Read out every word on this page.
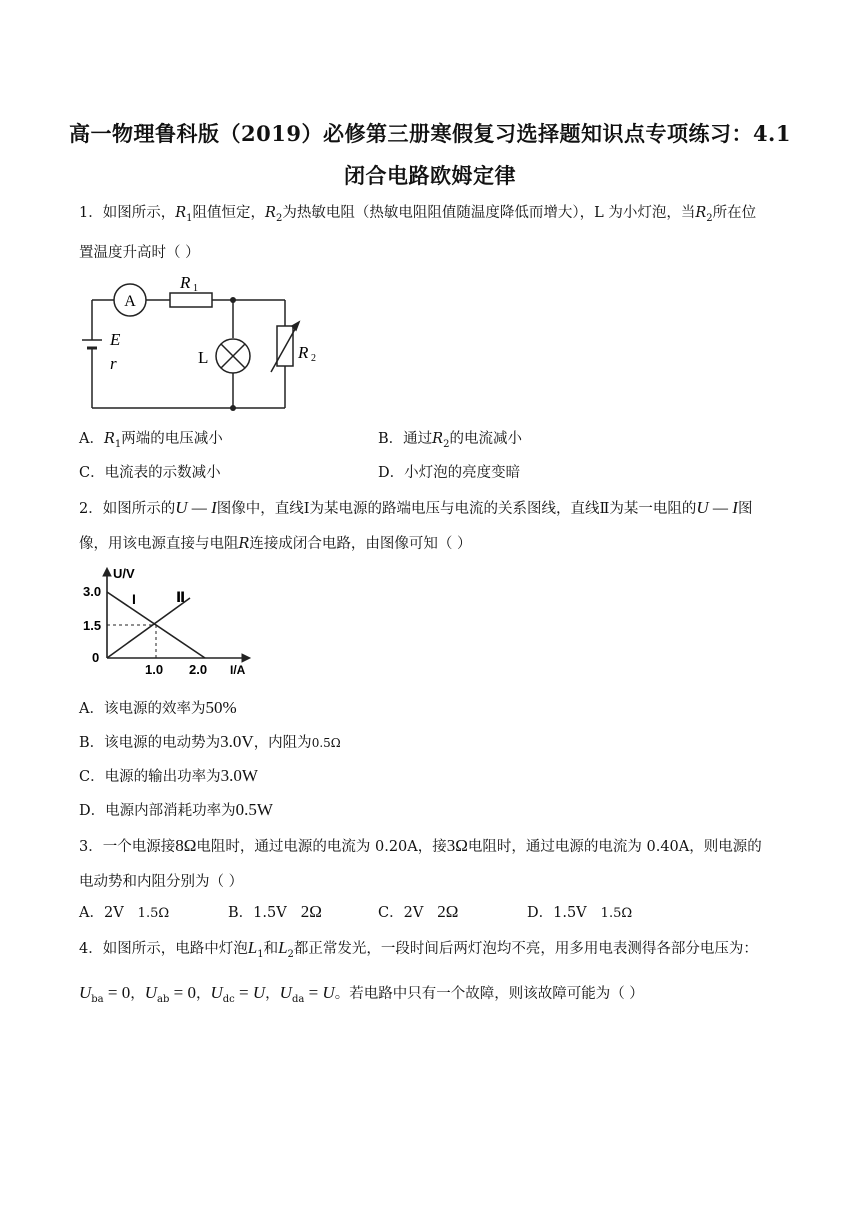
高一物理鲁科版（2019）必修第三册寒假复习选择题知识点专项练习：4.1
闭合电路欧姆定律
1．如图所示，$R_1$阻值恒定，$R_2$为热敏电阻（热敏电阻阻值随温度降低而增大），L 为小灯泡，当$R_2$所在位
置温度升高时（ ）
A
R 1
E
r	L	R 2
A．$R_1$两端的电压减小	B．通过$R_2$的电流减小
C．电流表的示数减小	D．小灯泡的亮度变暗
2．如图所示的U — I图像中，直线Ⅰ为某电源的路端电压与电流的关系图线，直线Ⅱ为某一电阻的U — I图
像，用该电源直接与电阻R连接成闭合电路，由图像可知（ ）
U/V
I/A
3.0
1.5
0
1.0 2.0
I	Ⅱ
A．该电源的效率为50%
B．该电源的电动势为3.0V，内阻为0.5Ω
C．电源的输出功率为3.0W
D．电源内部消耗功率为0.5W
3．一个电源接8Ω电阻时，通过电源的电流为 0.20A，接3Ω电阻时，通过电源的电流为 0.40A，则电源的
电动势和内阻分别为（ ）
A．2V 1.5Ω	B．1.5V 2Ω	C．2V 2Ω	D．1.5V 1.5Ω
4．如图所示，电路中灯泡$L_1$和$L_2$都正常发光，一段时间后两灯泡均不亮，用多用电表测得各部分电压为：
$U_{ba} = 0$，$U_{ab} = 0$，$U_{dc} = U$，$U_{da} = U$。若电路中只有一个故障，则该故障可能为（ ）
